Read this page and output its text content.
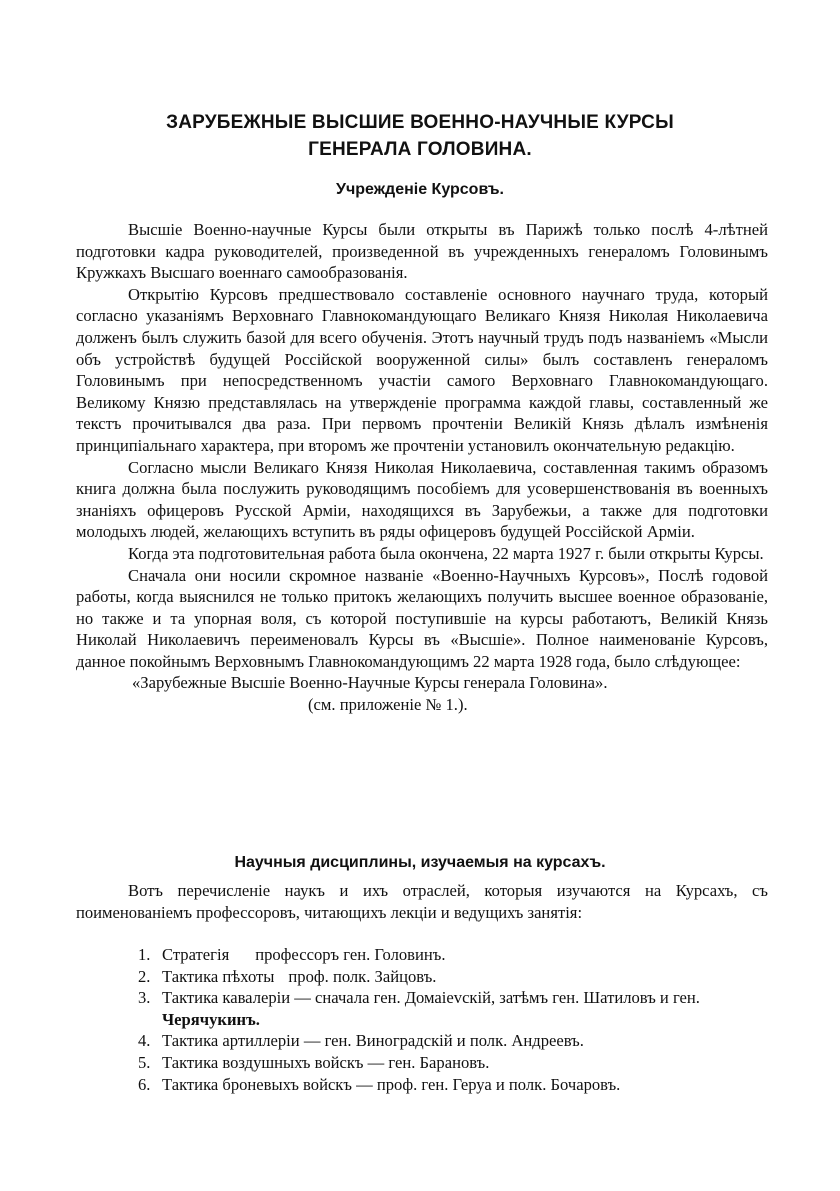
ЗАРУБЕЖНЫЕ ВЫСШИЕ ВОЕННО-НАУЧНЫЕ КУРСЫ
ГЕНЕРАЛА ГОЛОВИНА.
Учрежденіе Курсовъ.

Высшіе Военно-научные Курсы были открыты въ Парижѣ только послѣ 4-лѣтней подготовки кадра руководителей, произведенной въ учрежденныхъ генераломъ Головинымъ Кружкахъ Высшаго военнаго самообразованія.

Открытію Курсовъ предшествовало составленіе основного научнаго труда, который согласно указаніямъ Верховнаго Главнокомандующаго Великаго Князя Николая Николаевича долженъ былъ служить базой для всего обученія. Этотъ научный трудъ подъ названіемъ «Мысли объ устройствѣ будущей Россійской вооруженной силы» былъ составленъ генераломъ Головинымъ при непосредственномъ участіи самого Верховнаго Главнокомандующаго. Великому Князю представлялась на утвержденіе программа каждой главы, составленный же текстъ прочитывался два раза. При первомъ прочтеніи Великій Князь дѣлалъ измѣненія принципіальнаго характера, при второмъ же прочтеніи установилъ окончательную редакцію.

Согласно мысли Великаго Князя Николая Николаевича, составленная такимъ образомъ книга должна была послужить руководящимъ пособіемъ для усовершенствованія въ военныхъ знаніяхъ офицеровъ Русской Арміи, находящихся въ Зарубежьи, а также для подготовки молодыхъ людей, желающихъ вступить въ ряды офицеровъ будущей Россійской Арміи.

Когда эта подготовительная работа была окончена, 22 марта 1927 г. были открыты Курсы.

Сначала они носили скромное названіе «Военно-Научныхъ Курсовъ», Послѣ годовой работы, когда выяснился не только притокъ желающихъ получить высшее военное образованіе, но также и та упорная воля, съ которой поступившіе на курсы работаютъ, Великій Князь Николай Николаевичъ переименовалъ Курсы въ «Высшіе». Полное наименованіе Курсовъ, данное покойнымъ Верховнымъ Главнокомандующимъ 22 марта 1928 года, было слѣдующее:

«Зарубежные Высшіе Военно-Научные Курсы генерала Головина».

(см. приложеніе № 1.).

Научныя дисциплины, изучаемыя на курсахъ.

Вотъ перечисленіе наукъ и ихъ отраслей, которыя изучаются на Курсахъ, съ поименованіемъ профессоровъ, читающихъ лекціи и ведущихъ занятія:

1. Стратегія профессоръ ген. Головинъ.
2. Тактика пѣхоты проф. полк. Зайцовъ.
3. Тактика кавалеріи — сначала ген. Домаievскій, затѣмъ ген. Шатиловъ и ген. Черячукинъ.
4. Тактика артиллеріи — ген. Виноградскій и полк. Андреевъ.
5. Тактика воздушныхъ войскъ — ген. Барановъ.
6. Тактика броневыхъ войскъ — проф. ген. Геруа и полк. Бочаровъ.
